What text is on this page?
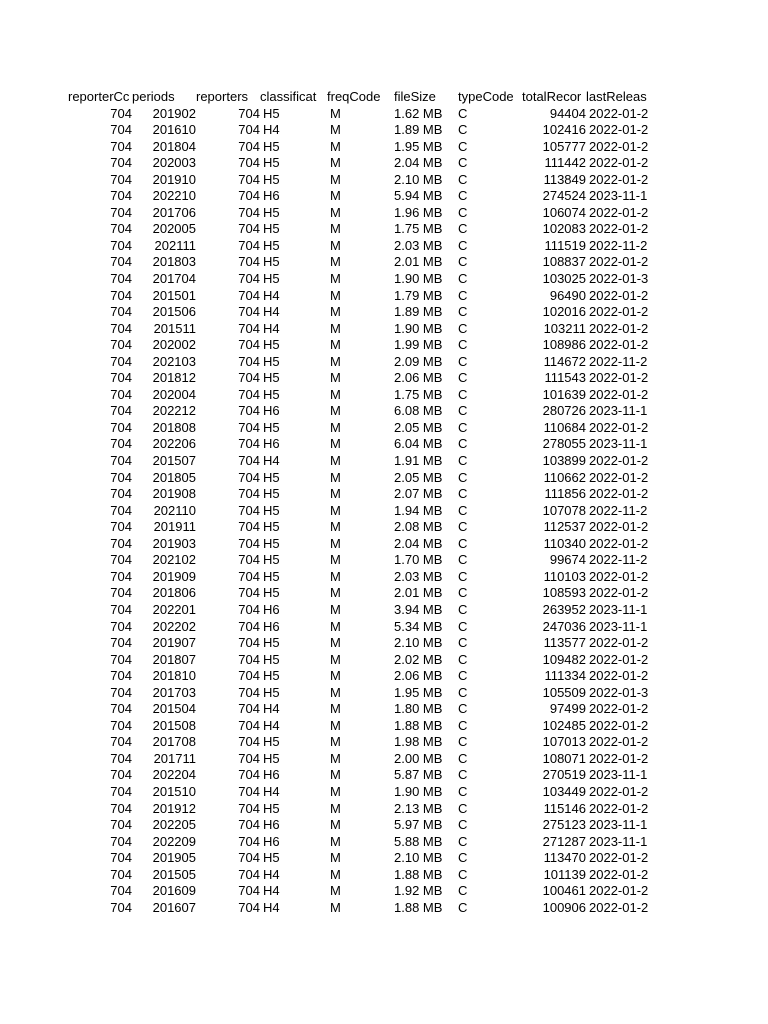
reporterCc	periods	reporters	classificat	freqCode	fileSize	typeCode	totalRecor	lastReleas
704	201902	704	H5	M	1.62 MB	C	94404	2022-01-2
704	201610	704	H4	M	1.89 MB	C	102416	2022-01-2
704	201804	704	H5	M	1.95 MB	C	105777	2022-01-2
704	202003	704	H5	M	2.04 MB	C	111442	2022-01-2
704	201910	704	H5	M	2.10 MB	C	113849	2022-01-2
704	202210	704	H6	M	5.94 MB	C	274524	2023-11-1
704	201706	704	H5	M	1.96 MB	C	106074	2022-01-2
704	202005	704	H5	M	1.75 MB	C	102083	2022-01-2
704	202111	704	H5	M	2.03 MB	C	111519	2022-11-2
704	201803	704	H5	M	2.01 MB	C	108837	2022-01-2
704	201704	704	H5	M	1.90 MB	C	103025	2022-01-3
704	201501	704	H4	M	1.79 MB	C	96490	2022-01-2
704	201506	704	H4	M	1.89 MB	C	102016	2022-01-2
704	201511	704	H4	M	1.90 MB	C	103211	2022-01-2
704	202002	704	H5	M	1.99 MB	C	108986	2022-01-2
704	202103	704	H5	M	2.09 MB	C	114672	2022-11-2
704	201812	704	H5	M	2.06 MB	C	111543	2022-01-2
704	202004	704	H5	M	1.75 MB	C	101639	2022-01-2
704	202212	704	H6	M	6.08 MB	C	280726	2023-11-1
704	201808	704	H5	M	2.05 MB	C	110684	2022-01-2
704	202206	704	H6	M	6.04 MB	C	278055	2023-11-1
704	201507	704	H4	M	1.91 MB	C	103899	2022-01-2
704	201805	704	H5	M	2.05 MB	C	110662	2022-01-2
704	201908	704	H5	M	2.07 MB	C	111856	2022-01-2
704	202110	704	H5	M	1.94 MB	C	107078	2022-11-2
704	201911	704	H5	M	2.08 MB	C	112537	2022-01-2
704	201903	704	H5	M	2.04 MB	C	110340	2022-01-2
704	202102	704	H5	M	1.70 MB	C	99674	2022-11-2
704	201909	704	H5	M	2.03 MB	C	110103	2022-01-2
704	201806	704	H5	M	2.01 MB	C	108593	2022-01-2
704	202201	704	H6	M	3.94 MB	C	263952	2023-11-1
704	202202	704	H6	M	5.34 MB	C	247036	2023-11-1
704	201907	704	H5	M	2.10 MB	C	113577	2022-01-2
704	201807	704	H5	M	2.02 MB	C	109482	2022-01-2
704	201810	704	H5	M	2.06 MB	C	111334	2022-01-2
704	201703	704	H5	M	1.95 MB	C	105509	2022-01-3
704	201504	704	H4	M	1.80 MB	C	97499	2022-01-2
704	201508	704	H4	M	1.88 MB	C	102485	2022-01-2
704	201708	704	H5	M	1.98 MB	C	107013	2022-01-2
704	201711	704	H5	M	2.00 MB	C	108071	2022-01-2
704	202204	704	H6	M	5.87 MB	C	270519	2023-11-1
704	201510	704	H4	M	1.90 MB	C	103449	2022-01-2
704	201912	704	H5	M	2.13 MB	C	115146	2022-01-2
704	202205	704	H6	M	5.97 MB	C	275123	2023-11-1
704	202209	704	H6	M	5.88 MB	C	271287	2023-11-1
704	201905	704	H5	M	2.10 MB	C	113470	2022-01-2
704	201505	704	H4	M	1.88 MB	C	101139	2022-01-2
704	201609	704	H4	M	1.92 MB	C	100461	2022-01-2
704	201607	704	H4	M	1.88 MB	C	100906	2022-01-2
